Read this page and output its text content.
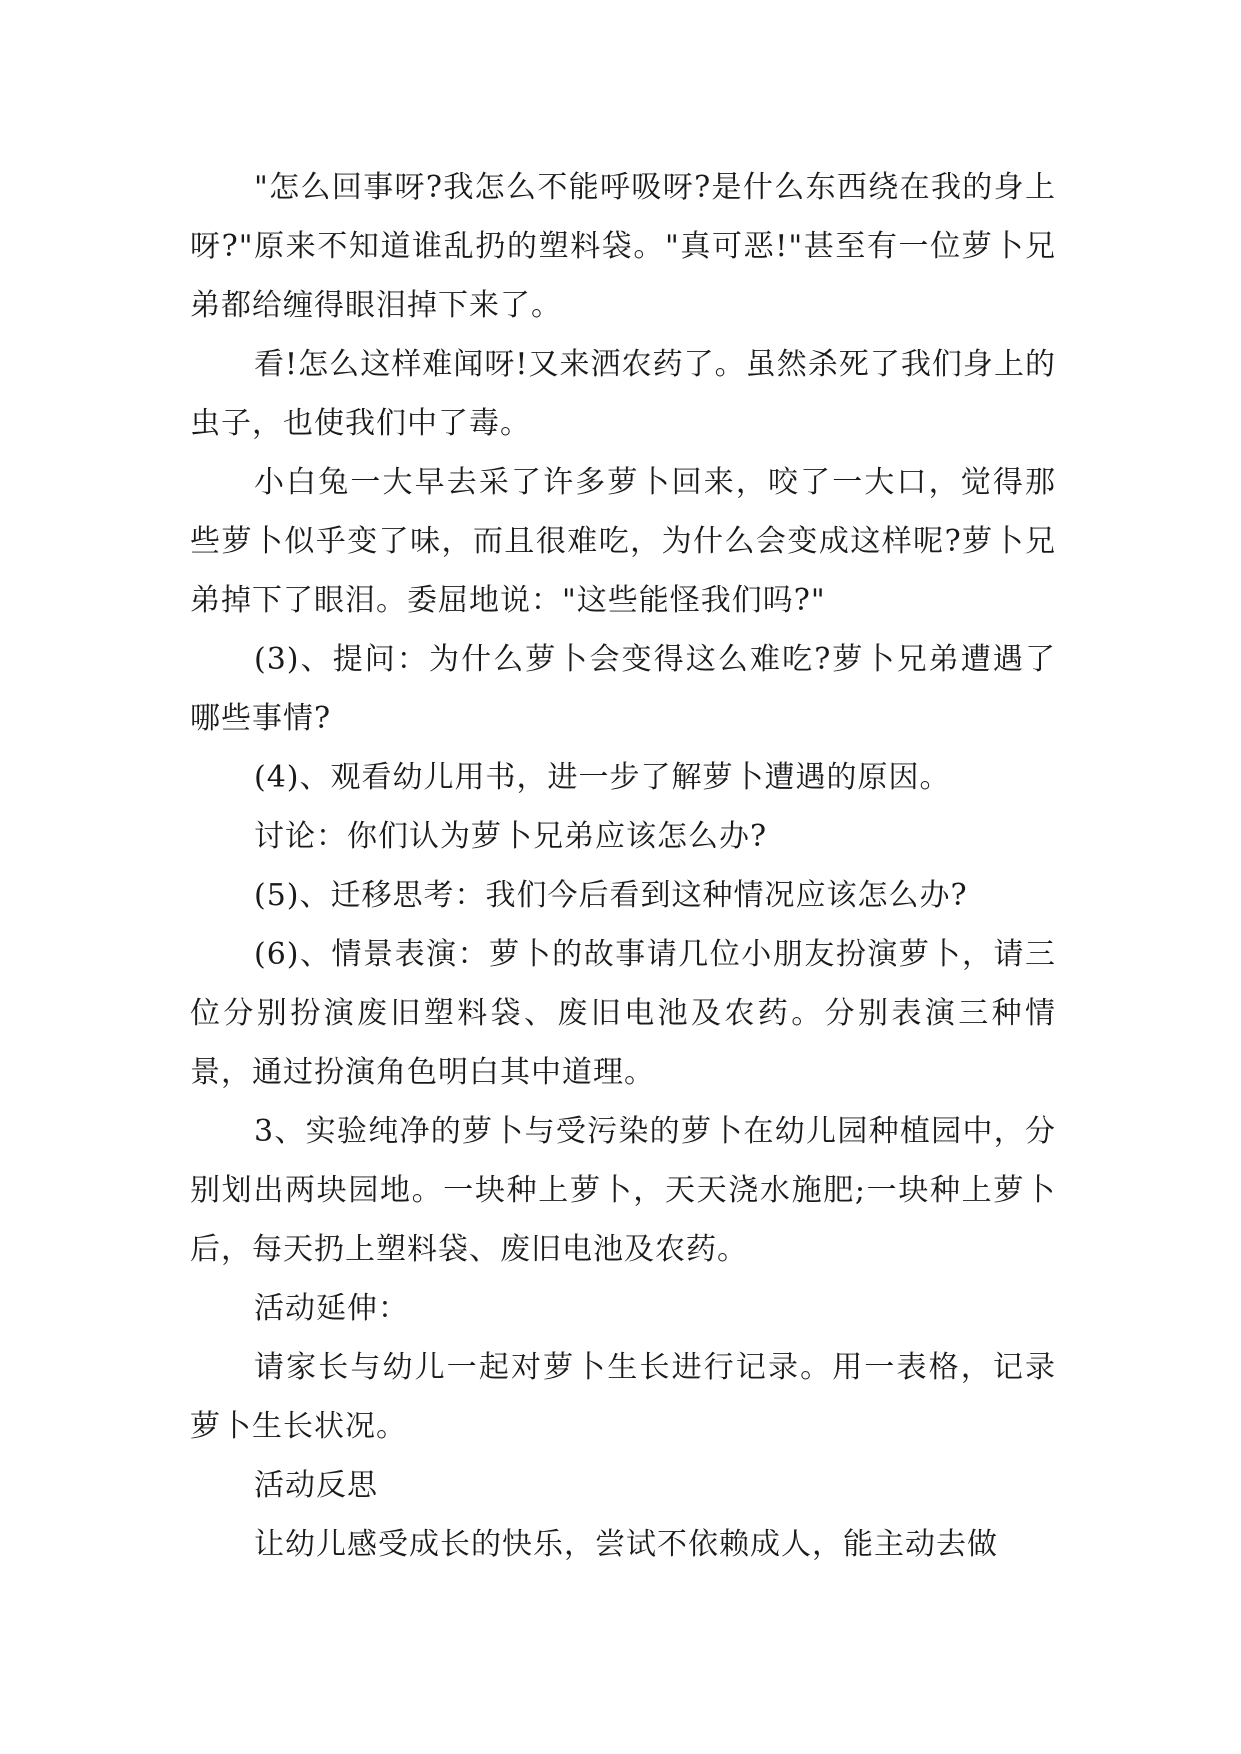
"怎么回事呀?我怎么不能呼吸呀?是什么东西绕在我的身上呀?"原来不知道谁乱扔的塑料袋。"真可恶!"甚至有一位萝卜兄弟都给缠得眼泪掉下来了。

看!怎么这样难闻呀!又来洒农药了。虽然杀死了我们身上的虫子，也使我们中了毒。

小白兔一大早去采了许多萝卜回来，咬了一大口，觉得那些萝卜似乎变了味，而且很难吃，为什么会变成这样呢?萝卜兄弟掉下了眼泪。委屈地说："这些能怪我们吗?"

(3)、提问：为什么萝卜会变得这么难吃?萝卜兄弟遭遇了哪些事情?

(4)、观看幼儿用书，进一步了解萝卜遭遇的原因。

讨论：你们认为萝卜兄弟应该怎么办?

(5)、迁移思考：我们今后看到这种情况应该怎么办?

(6)、情景表演：萝卜的故事请几位小朋友扮演萝卜，请三位分别扮演废旧塑料袋、废旧电池及农药。分别表演三种情景，通过扮演角色明白其中道理。

3、实验纯净的萝卜与受污染的萝卜在幼儿园种植园中，分别划出两块园地。一块种上萝卜，天天浇水施肥;一块种上萝卜后，每天扔上塑料袋、废旧电池及农药。

活动延伸：

请家长与幼儿一起对萝卜生长进行记录。用一表格，记录萝卜生长状况。

活动反思

让幼儿感受成长的快乐，尝试不依赖成人，能主动去做
